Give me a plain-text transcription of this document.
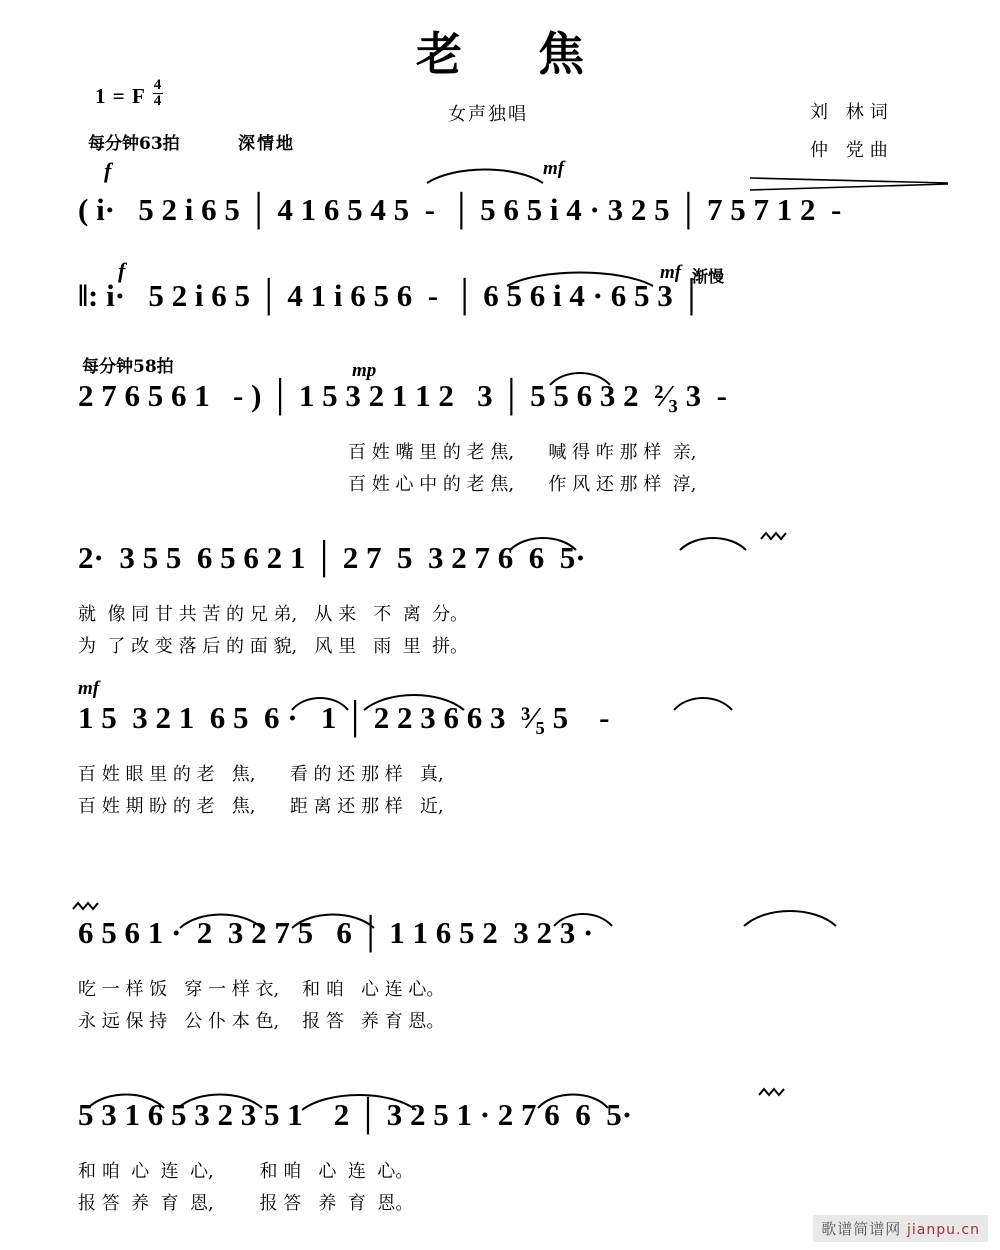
老 焦
1 = F $\frac{4}{4}$
女声独唱	刘 林词
仲 党曲
每分钟63拍	深情地
每分钟58拍
f	mf
( i·   5 2 i 6 5 │ 4 1 6 5 4 5  -  │ 5 6 5 i 4 · 3 2 5 │ 7 5 7 1 2  -
f	mf 渐慢
‖: i·   5 2 i 6 5 │ 4 1 i 6 5 6  -  │ 6 5 6 i 4 · 6 5 3 │
mp
2 7 6 5 6 1   - ) │ 1 5 3 2 1 1 2   3 │ 5 5 6 3 2  ²⁄₃ 3  -
百 姓 嘴 里 的 老 焦,      喊 得 咋 那 样  亲,
百 姓 心 中 的 老 焦,      作 风 还 那 样  淳,
2·  3 5 5  6 5 6 2 1 │ 2 7  5  3 2 7 6  6  5·
就  像 同 甘 共 苦 的 兄 弟,   从 来   不  离  分。
为  了 改 变 落 后 的 面 貌,   风 里   雨  里  拼。
mf
1 5  3 2 1  6 5  6 ·   1 │ 2 2 3 6 6 3  ³⁄₅ 5    -
百 姓 眼 里 的 老   焦,      看 的 还 那 样   真,
百 姓 期 盼 的 老   焦,      距 离 还 那 样   近,
6 5 6 1 ·  2  3 2 7 5   6 │ 1 1 6 5 2  3 2 3 ·
吃 一 样 饭   穿 一 样 衣,    和 咱   心 连 心。
永 远 保 持   公 仆 本 色,    报 答   养 育 恩。
5 3 1 6 5 3 2 3 5 1    2 │ 3 2 5 1 · 2 7 6  6  5·
和 咱  心  连  心,        和 咱   心  连  心。
报 答  养  育  恩,        报 答   养  育  恩。
歌谱简谱网 jianpu.cn
